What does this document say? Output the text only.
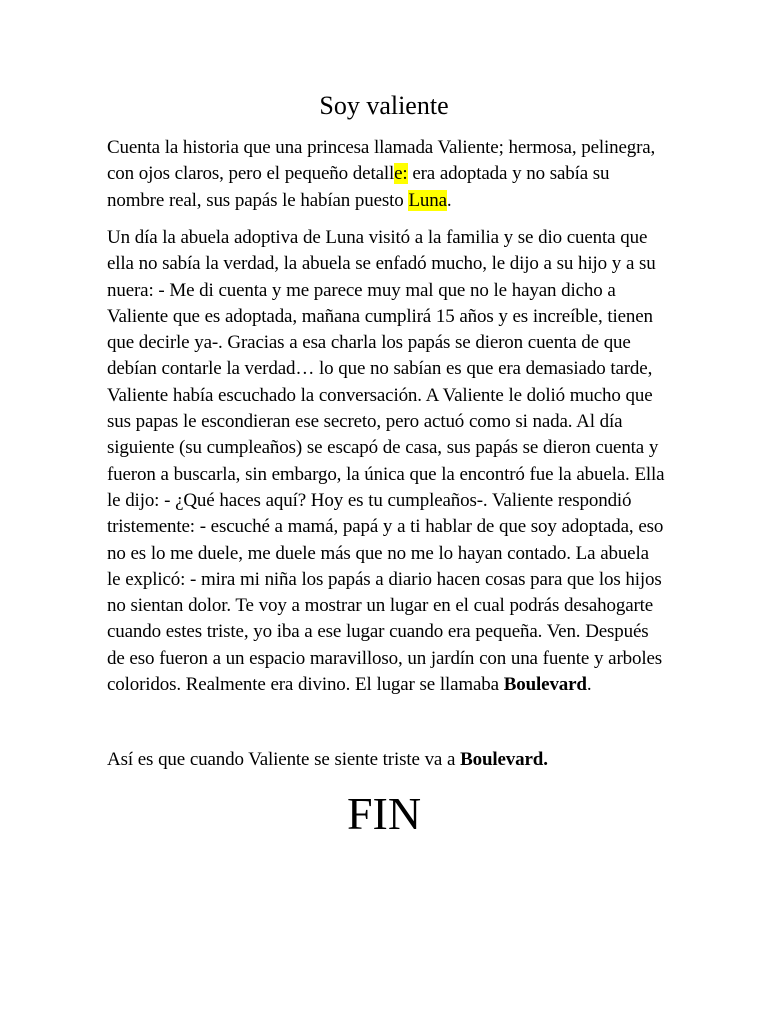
Soy valiente

Cuenta la historia que una princesa llamada Valiente; hermosa, pelinegra, con ojos claros, pero el pequeño detalle: era adoptada y no sabía su nombre real, sus papás le habían puesto Luna.

Un día la abuela adoptiva de Luna visitó a la familia y se dio cuenta que ella no sabía la verdad, la abuela se enfadó mucho, le dijo a su hijo y a su nuera: - Me di cuenta y me parece muy mal que no le hayan dicho a Valiente que es adoptada, mañana cumplirá 15 años y es increíble, tienen que decirle ya-. Gracias a esa charla los papás se dieron cuenta de que debían contarle la verdad… lo que no sabían es que era demasiado tarde, Valiente había escuchado la conversación. A Valiente le dolió mucho que sus papas le escondieran ese secreto, pero actuó como si nada. Al día siguiente (su cumpleaños) se escapó de casa, sus papás se dieron cuenta y fueron a buscarla, sin embargo, la única que la encontró fue la abuela. Ella le dijo: - ¿Qué haces aquí? Hoy es tu cumpleaños-. Valiente respondió tristemente: - escuché a mamá, papá y a ti hablar de que soy adoptada, eso no es lo me duele, me duele más que no me lo hayan contado. La abuela le explicó: - mira mi niña los papás a diario hacen cosas para que los hijos no sientan dolor. Te voy a mostrar un lugar en el cual podrás desahogarte cuando estes triste, yo iba a ese lugar cuando era pequeña. Ven. Después de eso fueron a un espacio maravilloso, un jardín con una fuente y arboles coloridos. Realmente era divino. El lugar se llamaba Boulevard.

Así es que cuando Valiente se siente triste va a Boulevard.

FIN
